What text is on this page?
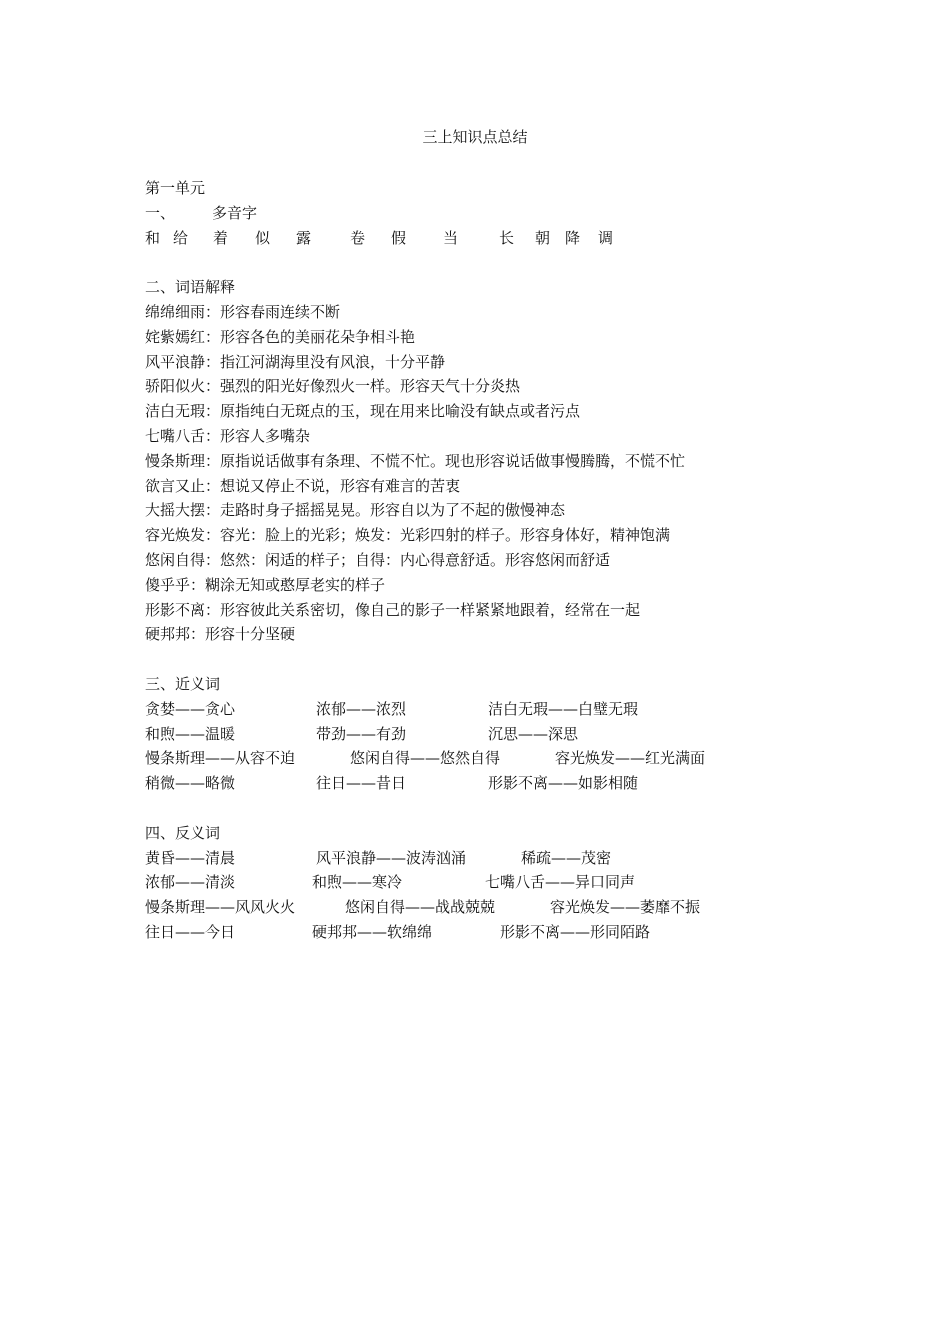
三上知识点总结
第一单元
一、 多音字
和 给 着 似 露	卷 假 当	长 朝 降 调
二、词语解释
绵绵细雨：形容春雨连续不断
姹紫嫣红：形容各色的美丽花朵争相斗艳
风平浪静：指江河湖海里没有风浪，十分平静
骄阳似火：强烈的阳光好像烈火一样。形容天气十分炎热
洁白无瑕：原指纯白无斑点的玉，现在用来比喻没有缺点或者污点
七嘴八舌：形容人多嘴杂
慢条斯理：原指说话做事有条理、不慌不忙。现也形容说话做事慢腾腾，不慌不忙
欲言又止：想说又停止不说，形容有难言的苦衷
大摇大摆：走路时身子摇摇晃晃。形容自以为了不起的傲慢神态
容光焕发：容光：脸上的光彩；焕发：光彩四射的样子。形容身体好，精神饱满
悠闲自得：悠然：闲适的样子；自得：内心得意舒适。形容悠闲而舒适
傻乎乎：糊涂无知或憨厚老实的样子
形影不离：形容彼此关系密切，像自己的影子一样紧紧地跟着，经常在一起
硬邦邦：形容十分坚硬
三、近义词
贪婪——贪心	浓郁——浓烈	洁白无瑕——白璧无瑕
和煦——温暖	带劲——有劲	沉思——深思
慢条斯理——从容不迫	悠闲自得——悠然自得	容光焕发——红光满面
稍微——略微	往日——昔日	形影不离——如影相随
四、反义词
黄昏——清晨	风平浪静——波涛汹涌	稀疏——茂密
浓郁——清淡	和煦——寒冷	七嘴八舌——异口同声
慢条斯理——风风火火	悠闲自得——战战兢兢	容光焕发——萎靡不振
往日——今日	硬邦邦——软绵绵	形影不离——形同陌路
